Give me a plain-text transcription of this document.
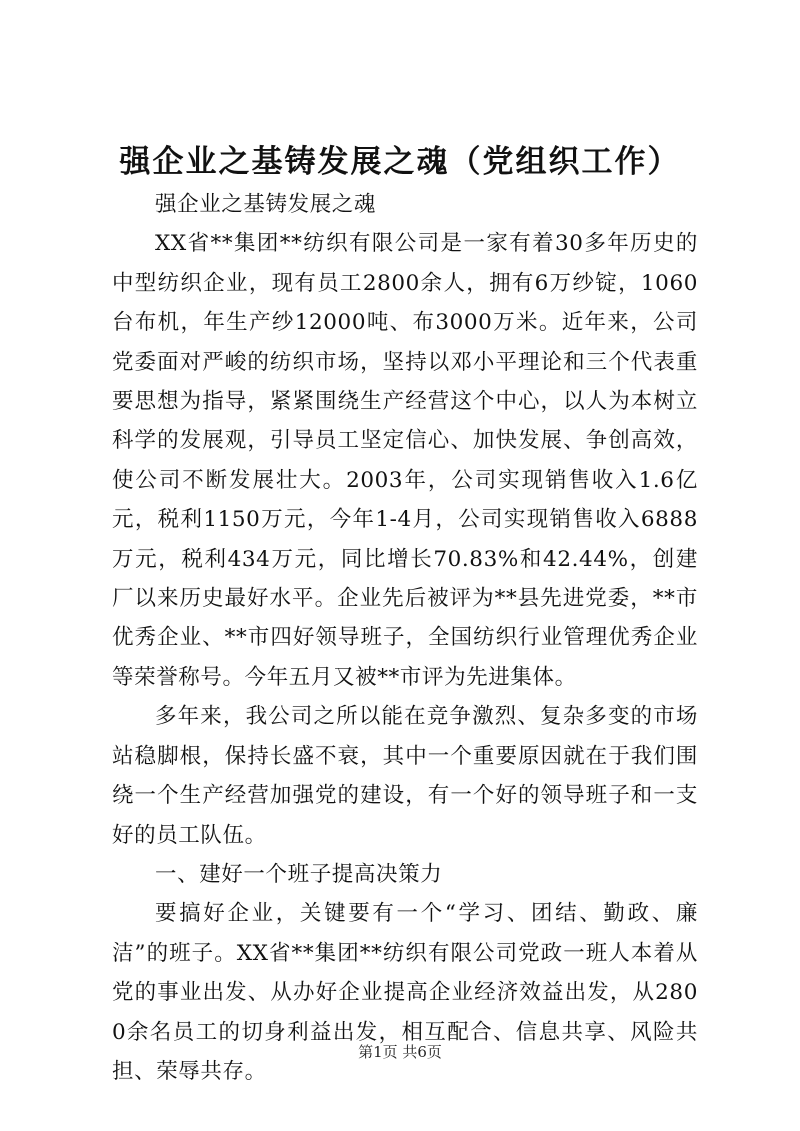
强企业之基铸发展之魂（党组织工作）

强企业之基铸发展之魂

XX省**集团**纺织有限公司是一家有着30多年历史的中型纺织企业，现有员工2800余人，拥有6万纱锭，1060台布机，年生产纱12000吨、布3000万米。近年来，公司党委面对严峻的纺织市场，坚持以邓小平理论和三个代表重要思想为指导，紧紧围绕生产经营这个中心，以人为本树立科学的发展观，引导员工坚定信心、加快发展、争创高效，使公司不断发展壮大。2003年，公司实现销售收入1.6亿元，税利1150万元，今年1-4月，公司实现销售收入6888万元，税利434万元，同比增长70.83%和42.44%，创建厂以来历史最好水平。企业先后被评为**县先进党委，**市优秀企业、**市四好领导班子，全国纺织行业管理优秀企业等荣誉称号。今年五月又被**市评为先进集体。

多年来，我公司之所以能在竞争激烈、复杂多变的市场站稳脚根，保持长盛不衰，其中一个重要原因就在于我们围绕一个生产经营加强党的建设，有一个好的领导班子和一支好的员工队伍。

一、建好一个班子提高决策力

要搞好企业，关键要有一个“学习、团结、勤政、廉洁”的班子。XX省**集团**纺织有限公司党政一班人本着从党的事业出发、从办好企业提高企业经济效益出发，从2800余名员工的切身利益出发，相互配合、信息共享、风险共担、荣辱共存。

第1页 共6页
